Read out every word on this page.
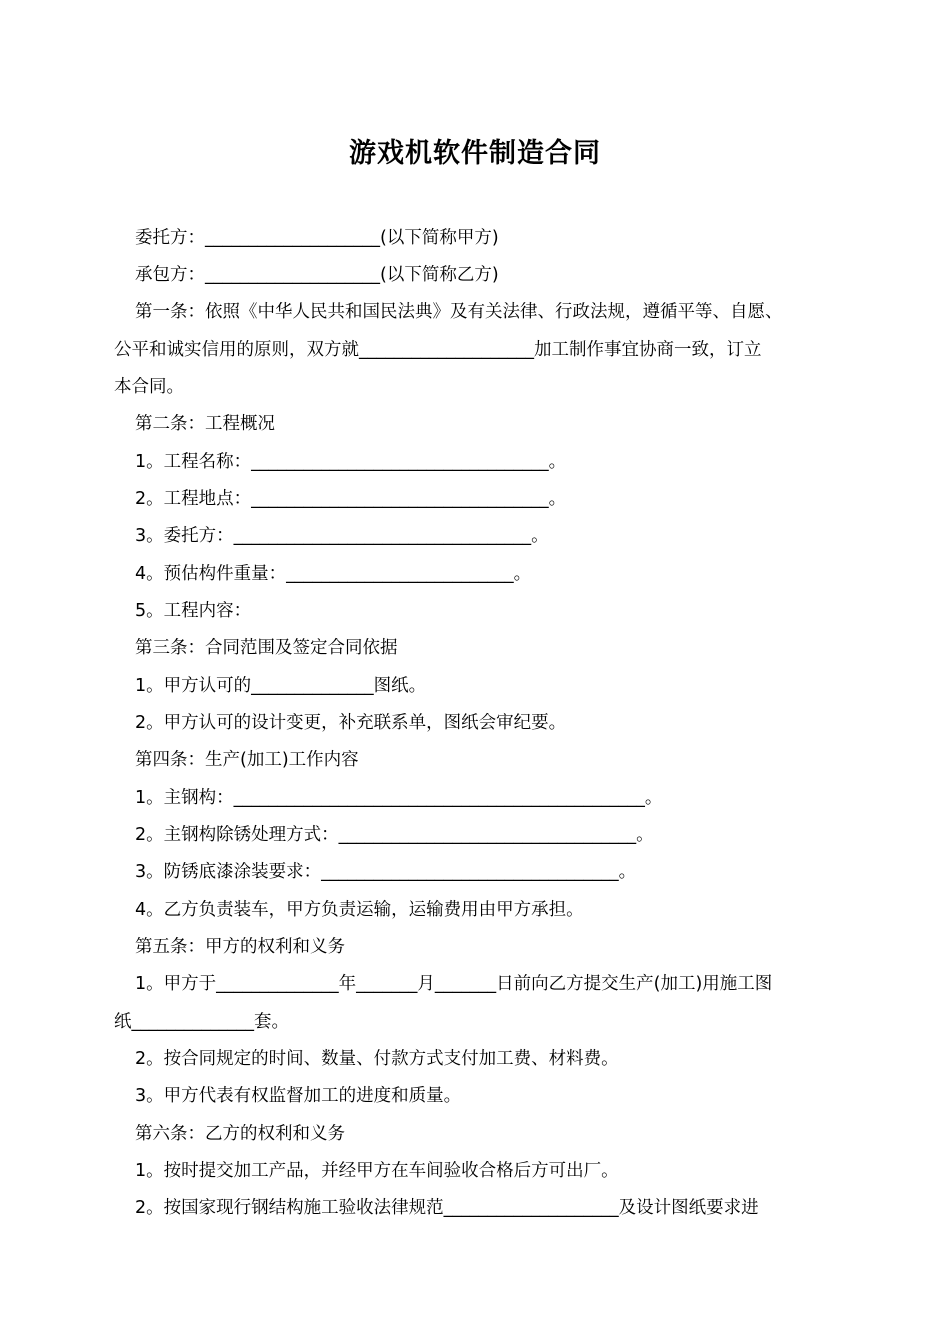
游戏机软件制造合同
委托方：____________________(以下简称甲方)
承包方：____________________(以下简称乙方)
第一条：依照《中华人民共和国民法典》及有关法律、行政法规，遵循平等、自愿、
公平和诚实信用的原则，双方就____________________加工制作事宜协商一致，订立
本合同。
第二条：工程概况
1。工程名称：__________________________________。
2。工程地点：__________________________________。
3。委托方：__________________________________。
4。预估构件重量：__________________________。
5。工程内容：
第三条：合同范围及签定合同依据
1。甲方认可的______________图纸。
2。甲方认可的设计变更，补充联系单，图纸会审纪要。
第四条：生产(加工)工作内容
1。主钢构：_______________________________________________。
2。主钢构除锈处理方式：__________________________________。
3。防锈底漆涂装要求：__________________________________。
4。乙方负责装车，甲方负责运输，运输费用由甲方承担。
第五条：甲方的权利和义务
1。甲方于______________年_______月_______日前向乙方提交生产(加工)用施工图
纸______________套。
2。按合同规定的时间、数量、付款方式支付加工费、材料费。
3。甲方代表有权监督加工的进度和质量。
第六条：乙方的权利和义务
1。按时提交加工产品，并经甲方在车间验收合格后方可出厂。
2。按国家现行钢结构施工验收法律规范____________________及设计图纸要求进
